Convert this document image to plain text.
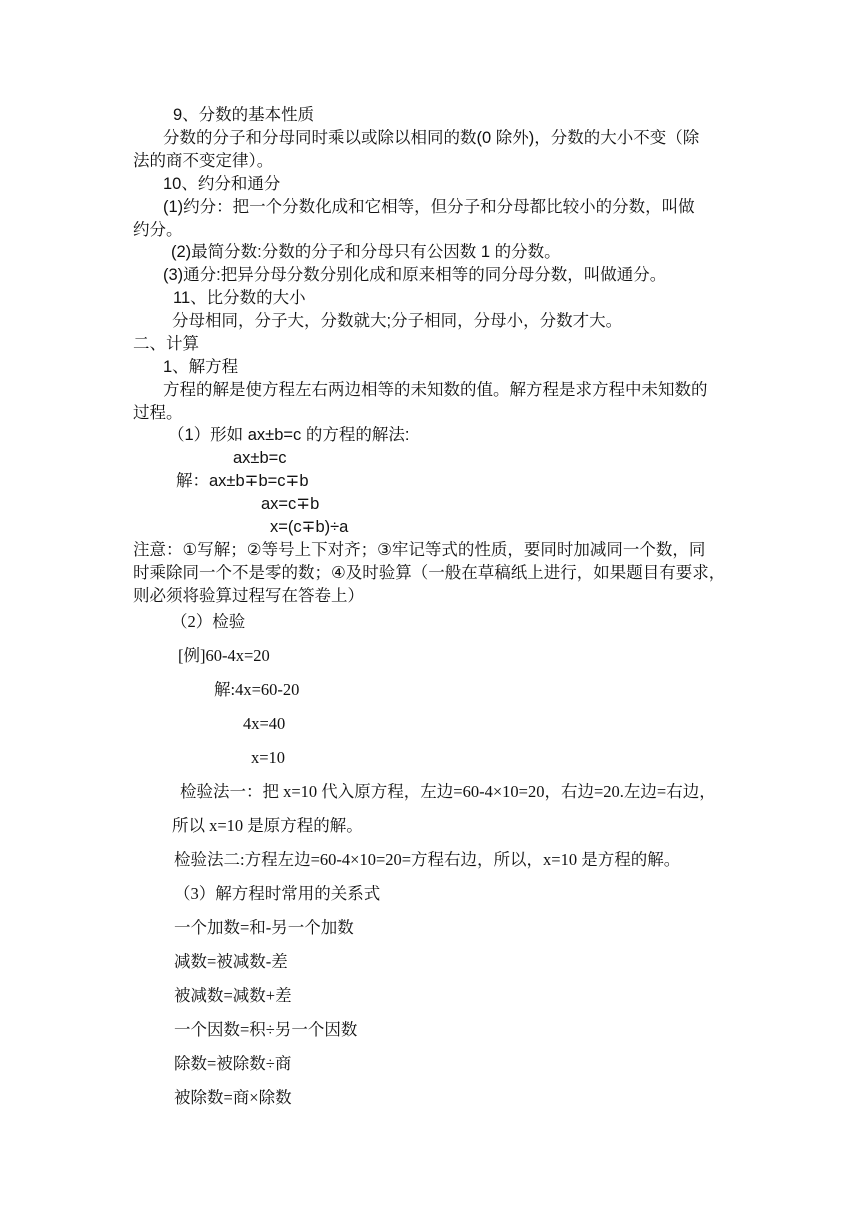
9、分数的基本性质
分数的分子和分母同时乘以或除以相同的数(0 除外)，分数的大小不变（除
法的商不变定律）。
10、约分和通分
(1)约分：把一个分数化成和它相等，但分子和分母都比较小的分数，叫做
约分。
(2)最简分数:分数的分子和分母只有公因数 1 的分数。
(3)通分:把异分母分数分别化成和原来相等的同分母分数，叫做通分。
11、比分数的大小
分母相同，分子大，分数就大;分子相同，分母小，分数才大。
二、计算
1、解方程
方程的解是使方程左右两边相等的未知数的值。解方程是求方程中未知数的
过程。
（1）形如 ax±b=c 的方程的解法:
ax±b=c
解：ax±b∓b=c∓b
ax=c∓b
x=(c∓b)÷a
注意：①写解；②等号上下对齐；③牢记等式的性质，要同时加减同一个数，同
时乘除同一个不是零的数；④及时验算（一般在草稿纸上进行，如果题目有要求，
则必须将验算过程写在答卷上）
（2）检验
[例]60-4x=20
解:4x=60-20
4x=40
x=10
检验法一：把 x=10 代入原方程，左边=60-4×10=20，右边=20.左边=右边，
所以 x=10 是原方程的解。
检验法二:方程左边=60-4×10=20=方程右边，所以，x=10 是方程的解。
（3）解方程时常用的关系式
一个加数=和-另一个加数
减数=被减数-差
被减数=减数+差
一个因数=积÷另一个因数
除数=被除数÷商
被除数=商×除数
